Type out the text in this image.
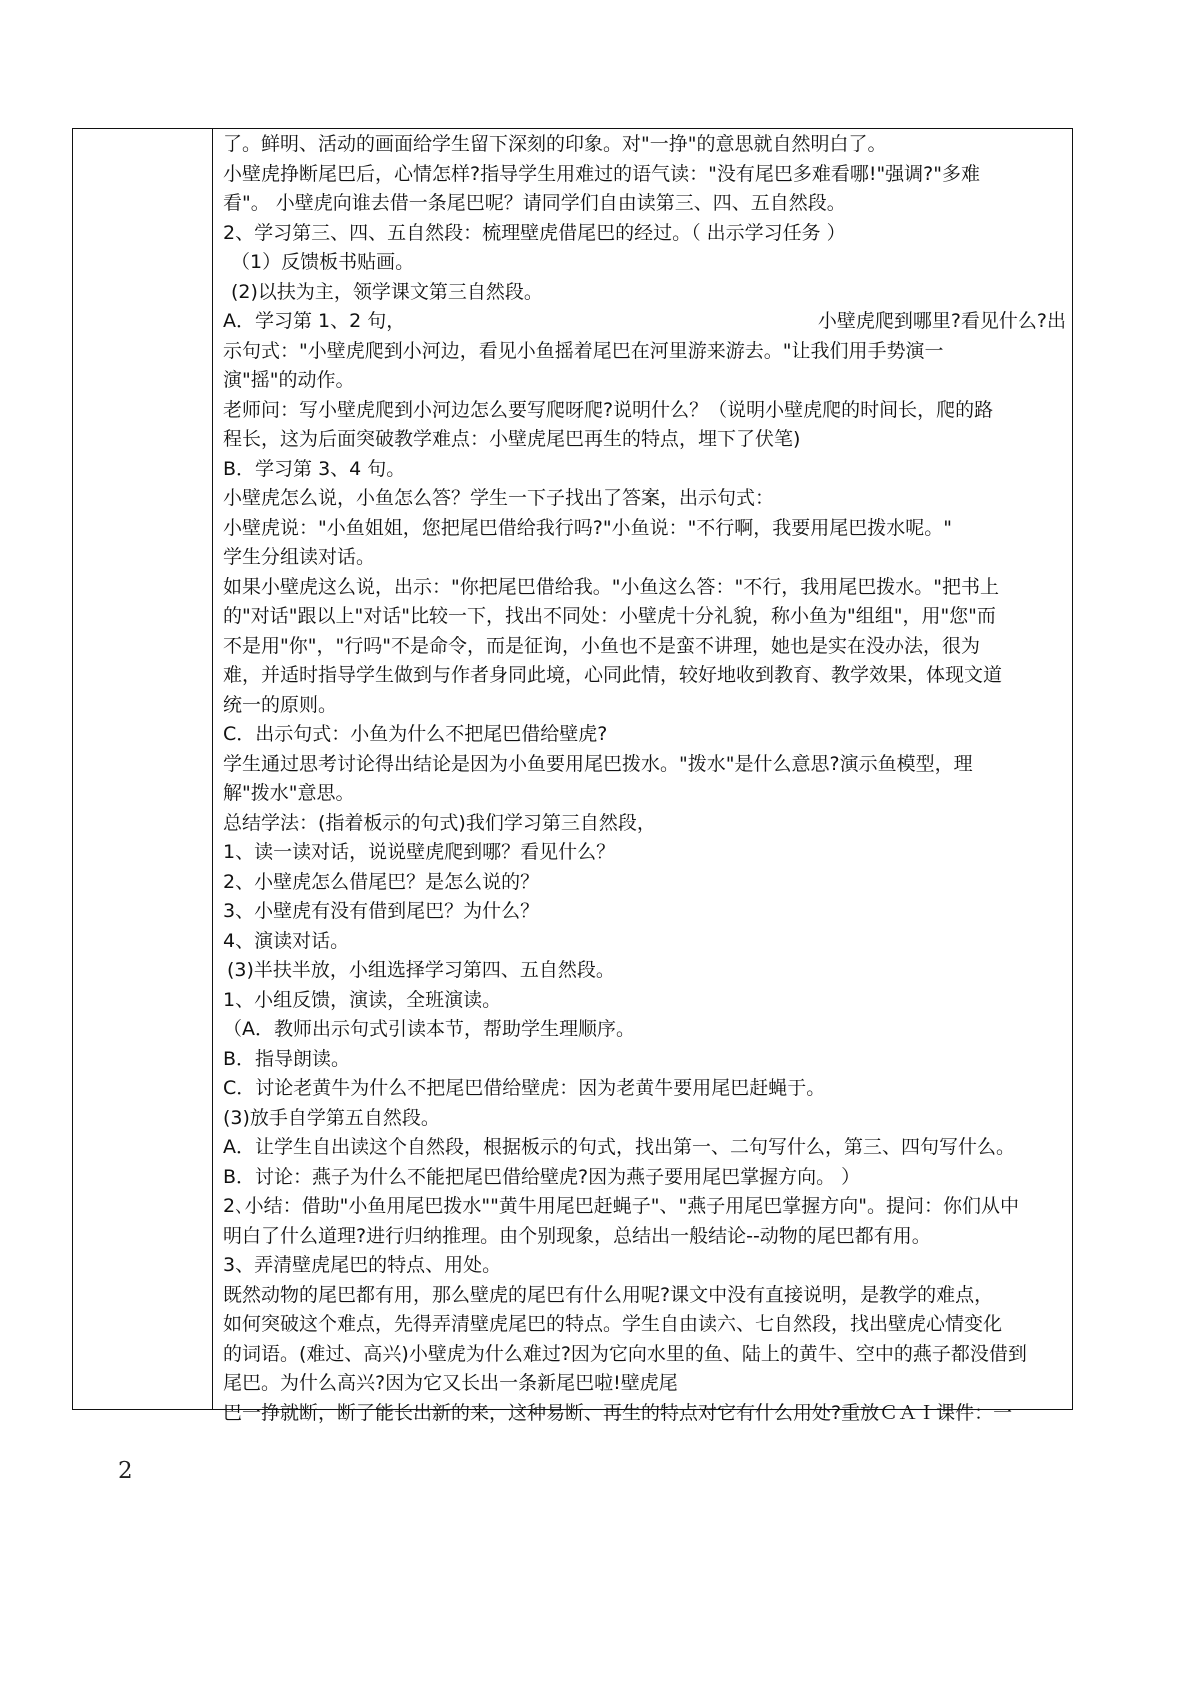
了。鲜明、活动的画面给学生留下深刻的印象。对"一挣"的意思就自然明白了。
小壁虎挣断尾巴后，心情怎样?指导学生用难过的语气读："没有尾巴多难看哪!"强调?"多难
看"。 小壁虎向谁去借一条尾巴呢？请同学们自由读第三、四、五自然段。
2、学习第三、四、五自然段：梳理壁虎借尾巴的经过。（ 出示学习任务 ）
（1）反馈板书贴画。
(2)以扶为主，领学课文第三自然段。
A．学习第 1、2 句，	小壁虎爬到哪里?看见什么?出
示句式："小壁虎爬到小河边，看见小鱼摇着尾巴在河里游来游去。"让我们用手势演一
演"摇"的动作。
老师问：写小壁虎爬到小河边怎么要写爬呀爬?说明什么？（说明小壁虎爬的时间长，爬的路
程长，这为后面突破教学难点：小壁虎尾巴再生的特点，埋下了伏笔)
B．学习第 3、4 句。
小壁虎怎么说，小鱼怎么答？学生一下子找出了答案，出示句式：
小壁虎说："小鱼姐姐，您把尾巴借给我行吗?"小鱼说："不行啊，我要用尾巴拨水呢。"
学生分组读对话。
如果小壁虎这么说，出示："你把尾巴借给我。"小鱼这么答："不行，我用尾巴拨水。"把书上
的"对话"跟以上"对话"比较一下，找出不同处：小壁虎十分礼貌，称小鱼为"组组"，用"您"而
不是用"你"，"行吗"不是命令，而是征询，小鱼也不是蛮不讲理，她也是实在没办法，很为
难，并适时指导学生做到与作者身同此境，心同此情，较好地收到教育、教学效果，体现文道
统一的原则。
C．出示句式：小鱼为什么不把尾巴借给壁虎?
学生通过思考讨论得出结论是因为小鱼要用尾巴拨水。"拨水"是什么意思?演示鱼模型，理
解"拨水"意思。
总结学法：(指着板示的句式)我们学习第三自然段，
1、读一读对话，说说壁虎爬到哪？看见什么？
2、小壁虎怎么借尾巴？是怎么说的？
3、小壁虎有没有借到尾巴？为什么？
4、演读对话。
(3)半扶半放，小组选择学习第四、五自然段。
1、小组反馈，演读，全班演读。
（A．教师出示句式引读本节，帮助学生理顺序。
B．指导朗读。
C．讨论老黄牛为什么不把尾巴借给壁虎：因为老黄牛要用尾巴赶蝇于。
(3)放手自学第五自然段。
A．让学生自出读这个自然段，根据板示的句式，找出第一、二句写什么，第三、四句写什么。
B．讨论：燕子为什么不能把尾巴借给壁虎?因为燕子要用尾巴掌握方向。 ）
2､小结：借助"小鱼用尾巴拨水""黄牛用尾巴赶蝇子"、"燕子用尾巴掌握方向"。提问：你们从中
明白了什么道理?进行归纳推理。由个别现象，总结出一般结论--动物的尾巴都有用。
3、弄清壁虎尾巴的特点、用处。
既然动物的尾巴都有用，那么壁虎的尾巴有什么用呢?课文中没有直接说明，是教学的难点，
如何突破这个难点，先得弄清壁虎尾巴的特点。学生自由读六、七自然段，找出壁虎心情变化
的词语。(难过、高兴)小壁虎为什么难过?因为它向水里的鱼、陆上的黄牛、空中的燕子都没借到
尾巴。为什么高兴?因为它又长出一条新尾巴啦!壁虎尾
巴一挣就断，断了能长出新的来，这种易断、再生的特点对它有什么用处?重放ＣＡＩ课件：一
2
